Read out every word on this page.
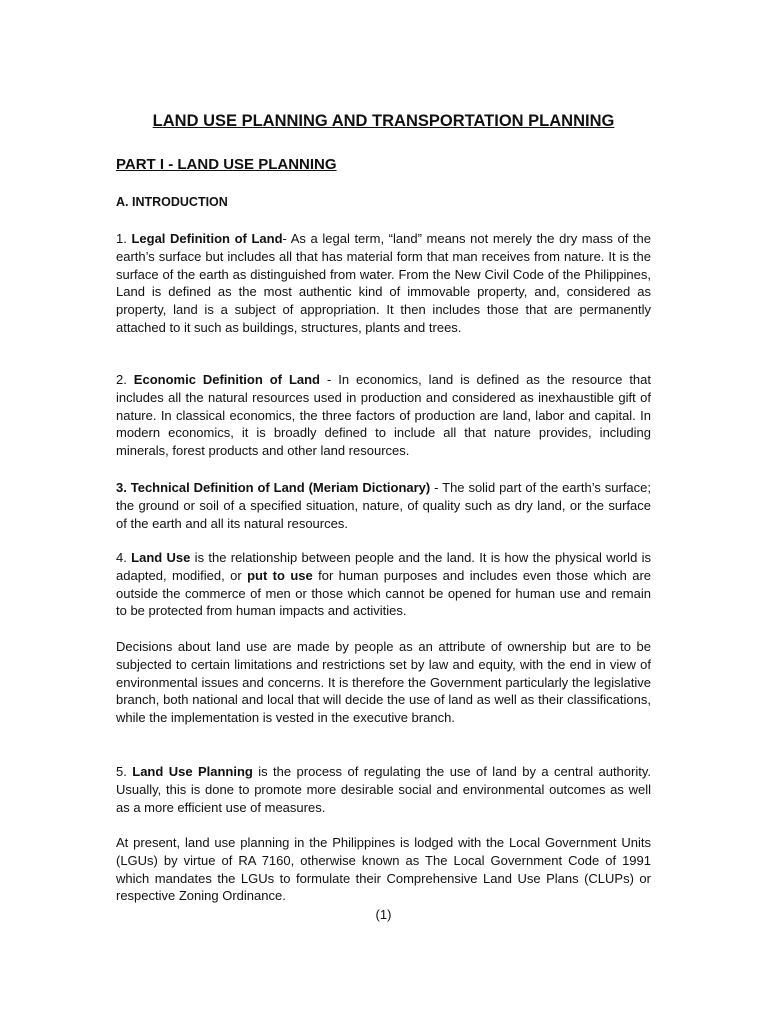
LAND USE PLANNING AND TRANSPORTATION PLANNING
PART I - LAND USE PLANNING
A. INTRODUCTION

1. Legal Definition of Land- As a legal term, “land” means not merely the dry mass of the earth’s surface but includes all that has material form that man receives from nature. It is the surface of the earth as distinguished from water. From the New Civil Code of the Philippines, Land is defined as the most authentic kind of immovable property, and, considered as property, land is a subject of appropriation. It then includes those that are permanently attached to it such as buildings, structures, plants and trees.

2. Economic Definition of Land - In economics, land is defined as the resource that includes all the natural resources used in production and considered as inexhaustible gift of nature. In classical economics, the three factors of production are land, labor and capital. In modern economics, it is broadly defined to include all that nature provides, including minerals, forest products and other land resources.

3. Technical Definition of Land (Meriam Dictionary) - The solid part of the earth’s surface; the ground or soil of a specified situation, nature, of quality such as dry land, or the surface of the earth and all its natural resources.

4. Land Use is the relationship between people and the land. It is how the physical world is adapted, modified, or put to use for human purposes and includes even those which are outside the commerce of men or those which cannot be opened for human use and remain to be protected from human impacts and activities.

Decisions about land use are made by people as an attribute of ownership but are to be subjected to certain limitations and restrictions set by law and equity, with the end in view of environmental issues and concerns. It is therefore the Government particularly the legislative branch, both national and local that will decide the use of land as well as their classifications, while the implementation is vested in the executive branch.

5. Land Use Planning is the process of regulating the use of land by a central authority. Usually, this is done to promote more desirable social and environmental outcomes as well as a more efficient use of measures.

At present, land use planning in the Philippines is lodged with the Local Government Units (LGUs) by virtue of RA 7160, otherwise known as The Local Government Code of 1991 which mandates the LGUs to formulate their Comprehensive Land Use Plans (CLUPs) or respective Zoning Ordinance.

(1)
